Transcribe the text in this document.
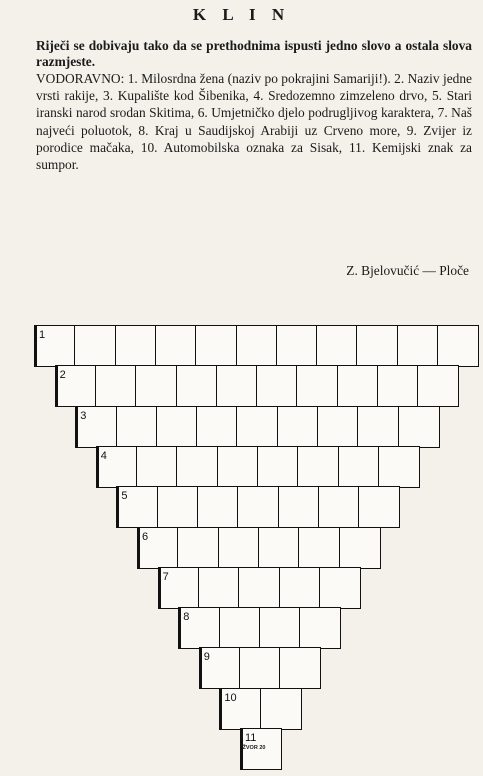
K L I N
Riječi se dobivaju tako da se prethodnima ispusti jedno slovo a ostala slova razmjeste.
VODORAVNO: 1. Milosrdna žena (naziv po pokrajini Samariji!). 2. Naziv jedne vrsti rakije, 3. Kupalište kod Šibenika, 4. Sredozemno zimzeleno drvo, 5. Stari iranski narod srodan Skitima, 6. Umjetničko djelo podrugljivog karaktera, 7. Naš najveći poluotok, 8. Kraj u Saudijskoj Arabiji uz Crveno more, 9. Zvijer iz porodice mačaka, 10. Automobilska oznaka za Sisak, 11. Kemijski znak za sumpor.
Z. Bjelovučić — Ploče
1
2
3
4
5
6
7
8
9
10
11
ŽVOR 20
